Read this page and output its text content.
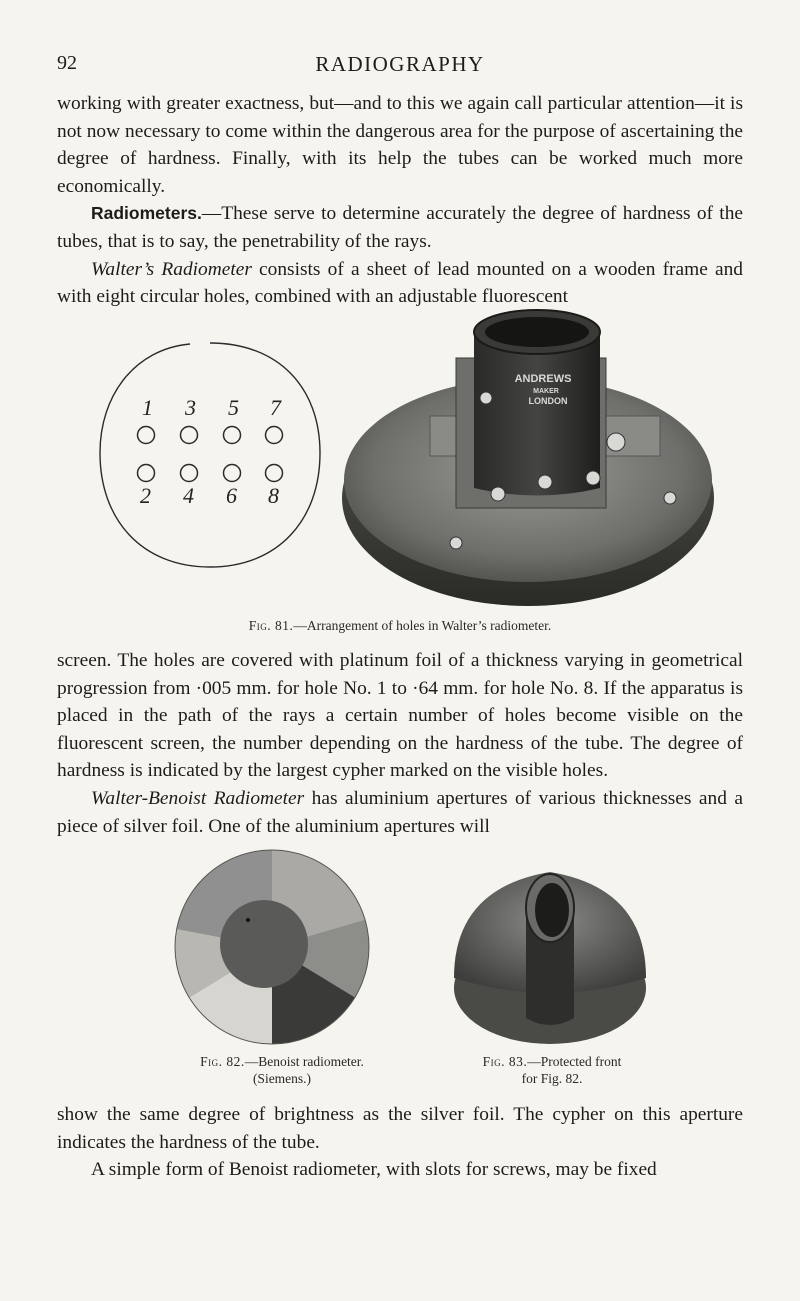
92	RADIOGRAPHY

working with greater exactness, but—and to this we again call particular attention—it is not now necessary to come within the dangerous area for the purpose of ascertaining the degree of hardness. Finally, with its help the tubes can be worked much more economically.

Radiometers.—These serve to determine accurately the degree of hardness of the tubes, that is to say, the penetrability of the rays.

Walter’s Radiometer consists of a sheet of lead mounted on a wooden frame and with eight circular holes, combined with an adjustable fluorescent

1 3 5 7
2 4 6 8
ANDREWS
MAKER
LONDON
Fig. 81.—Arrangement of holes in Walter’s radiometer.

screen. The holes are covered with platinum foil of a thickness varying in geometrical progression from ·005 mm. for hole No. 1 to ·64 mm. for hole No. 8. If the apparatus is placed in the path of the rays a certain number of holes become visible on the fluorescent screen, the number depending on the hardness of the tube. The degree of hardness is indicated by the largest cypher marked on the visible holes.

Walter-Benoist Radiometer has aluminium apertures of various thicknesses and a piece of silver foil. One of the aluminium apertures will

Fig. 82.—Benoist radiometer.
(Siemens.)
Fig. 83.—Protected front
for Fig. 82.

show the same degree of brightness as the silver foil. The cypher on this aperture indicates the hardness of the tube.

A simple form of Benoist radiometer, with slots for screws, may be fixed
